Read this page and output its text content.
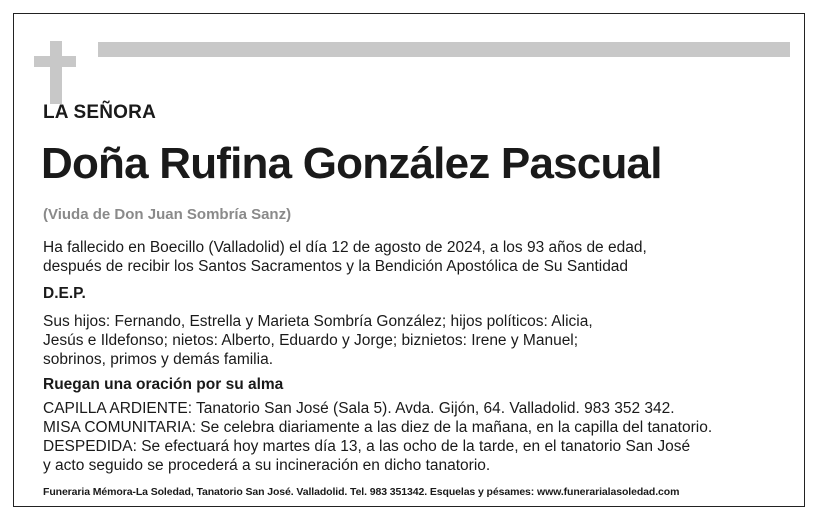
LA SEÑORA
Doña Rufina González Pascual
(Viuda de Don Juan Sombría Sanz)
Ha fallecido en Boecillo (Valladolid) el día 12 de agosto de 2024, a los 93 años de edad,
después de recibir los Santos Sacramentos y la Bendición Apostólica de Su Santidad
D.E.P.
Sus hijos: Fernando, Estrella y Marieta Sombría González; hijos políticos: Alicia,
Jesús e Ildefonso; nietos: Alberto, Eduardo y Jorge; biznietos: Irene y Manuel;
sobrinos, primos y demás familia.
Ruegan una oración por su alma
CAPILLA ARDIENTE: Tanatorio San José (Sala 5). Avda. Gijón, 64. Valladolid. 983 352 342.
MISA COMUNITARIA: Se celebra diariamente a las diez de la mañana, en la capilla del tanatorio.
DESPEDIDA: Se efectuará hoy martes día 13, a las ocho de la tarde, en el tanatorio San José
y acto seguido se procederá a su incineración en dicho tanatorio.
Funeraria Mémora-La Soledad, Tanatorio San José. Valladolid. Tel. 983 351342. Esquelas y pésames: www.funerarialasoledad.com
